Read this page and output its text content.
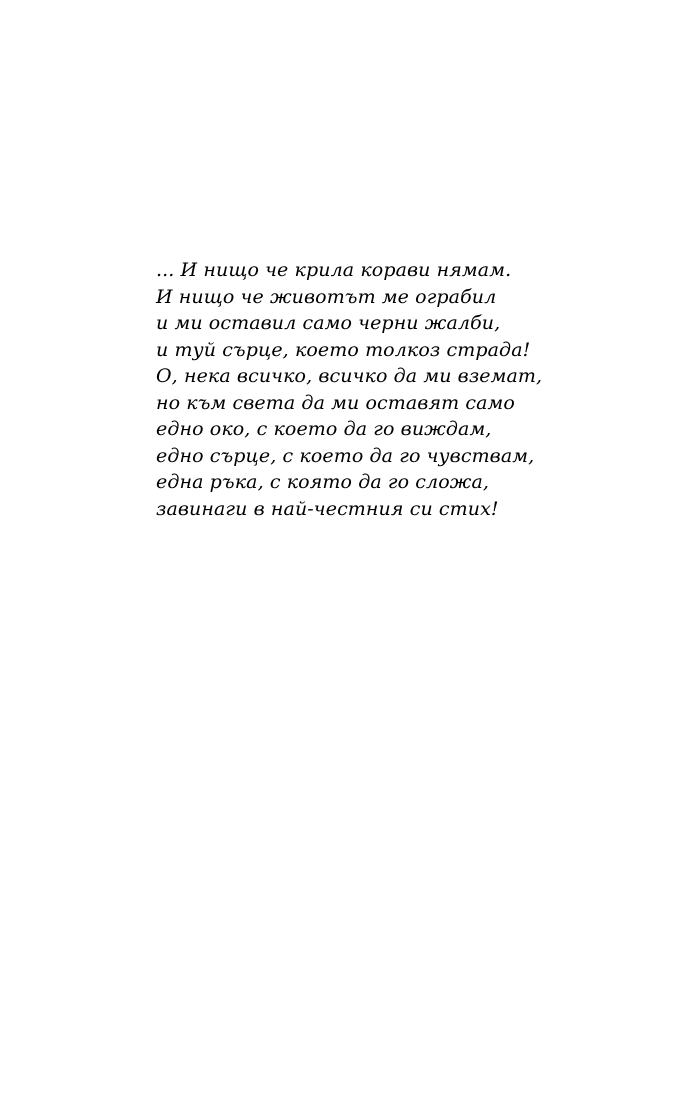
... И нищо че крила корави нямам.
И нищо че животът ме ограбил
и ми оставил само черни жалби,
и туй сърце, което толкоз страда!
О, нека всичко, всичко да ми вземат,
но към света да ми оставят само
едно око, с което да го виждам,
едно сърце, с което да го чувствам,
една ръка, с която да го сложа,
завинаги в най-честния си стих!
